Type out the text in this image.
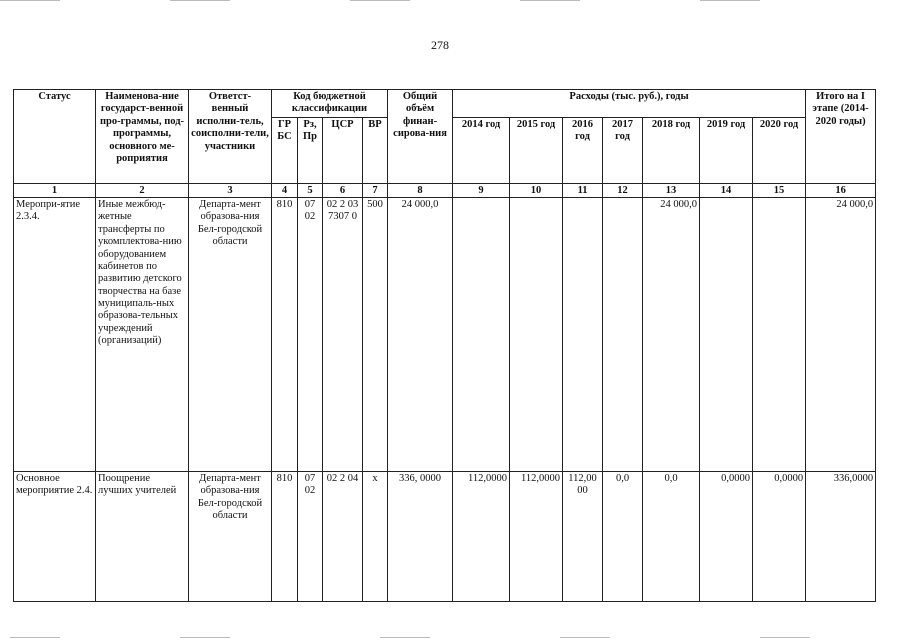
278
Статус	Наименова-ние государст-венной про-граммы, под-программы, основного ме-роприятия	Ответст-венный исполни-тель, соисполни-тели, участники	Код бюджетной классификации				Общий объём финан-сирова-ния	Расходы (тыс. руб.), годы							Итого на I этапе (2014-2020 годы)
			ГР БС	Рз, Пр	ЦСР	ВР		2014 год	2015 год	2016 год	2017 год	2018 год	2019 год	2020 год	
1	2	3	4	5	6	7	8	9	10	11	12	13	14	15	16
Меропри-ятие 2.3.4.	Иные межбюд-жетные трансферты по укомплектова-нию оборудованием кабинетов по развитию детского творчества на базе муниципаль-ных образова-тельных учреждений (организаций)	Департа-мент образова-ния Бел-городской области	810	07 02	02 2 03 7307 0	500	24 000,0					24 000,0			24 000,0
Основное мероприятие 2.4.	Поощрение лучших учителей	Департа-мент образова-ния Бел-городской области	810	07 02	02 2 04	x	336, 0000	112,0000	112,0000	112,00 00	0,0	0,0	0,0000	0,0000	336,0000
